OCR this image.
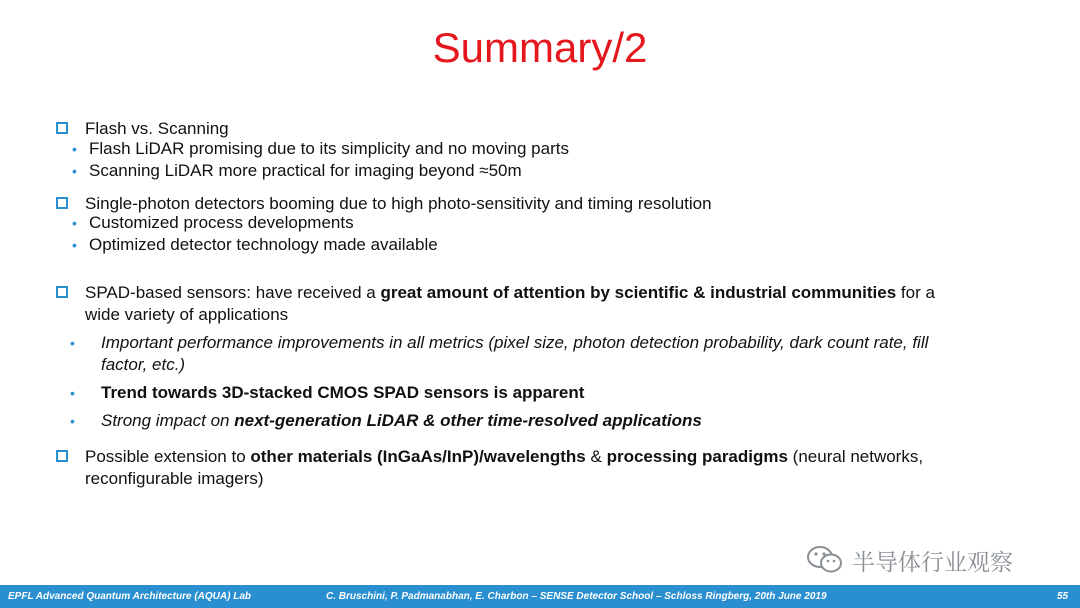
Summary/2
Flash vs. Scanning
• Flash LiDAR promising due to its simplicity and no moving parts
• Scanning LiDAR more practical for imaging beyond ≈50m
Single-photon detectors booming due to high photo-sensitivity and timing resolution
• Customized process developments
• Optimized detector technology made available
SPAD-based sensors: have received a great amount of attention by scientific & industrial communities for a
wide variety of applications
• Important performance improvements in all metrics (pixel size, photon detection probability, dark count rate, fill
factor, etc.)
• Trend towards 3D-stacked CMOS SPAD sensors is apparent
• Strong impact on next-generation LiDAR & other time-resolved applications
Possible extension to other materials (InGaAs/InP)/wavelengths & processing paradigms (neural networks,
reconfigurable imagers)
半导体行业观察
EPFL Advanced Quantum Architecture (AQUA) Lab	C. Bruschini, P. Padmanabhan, E. Charbon – SENSE Detector School – Schloss Ringberg, 20th June 2019	55
